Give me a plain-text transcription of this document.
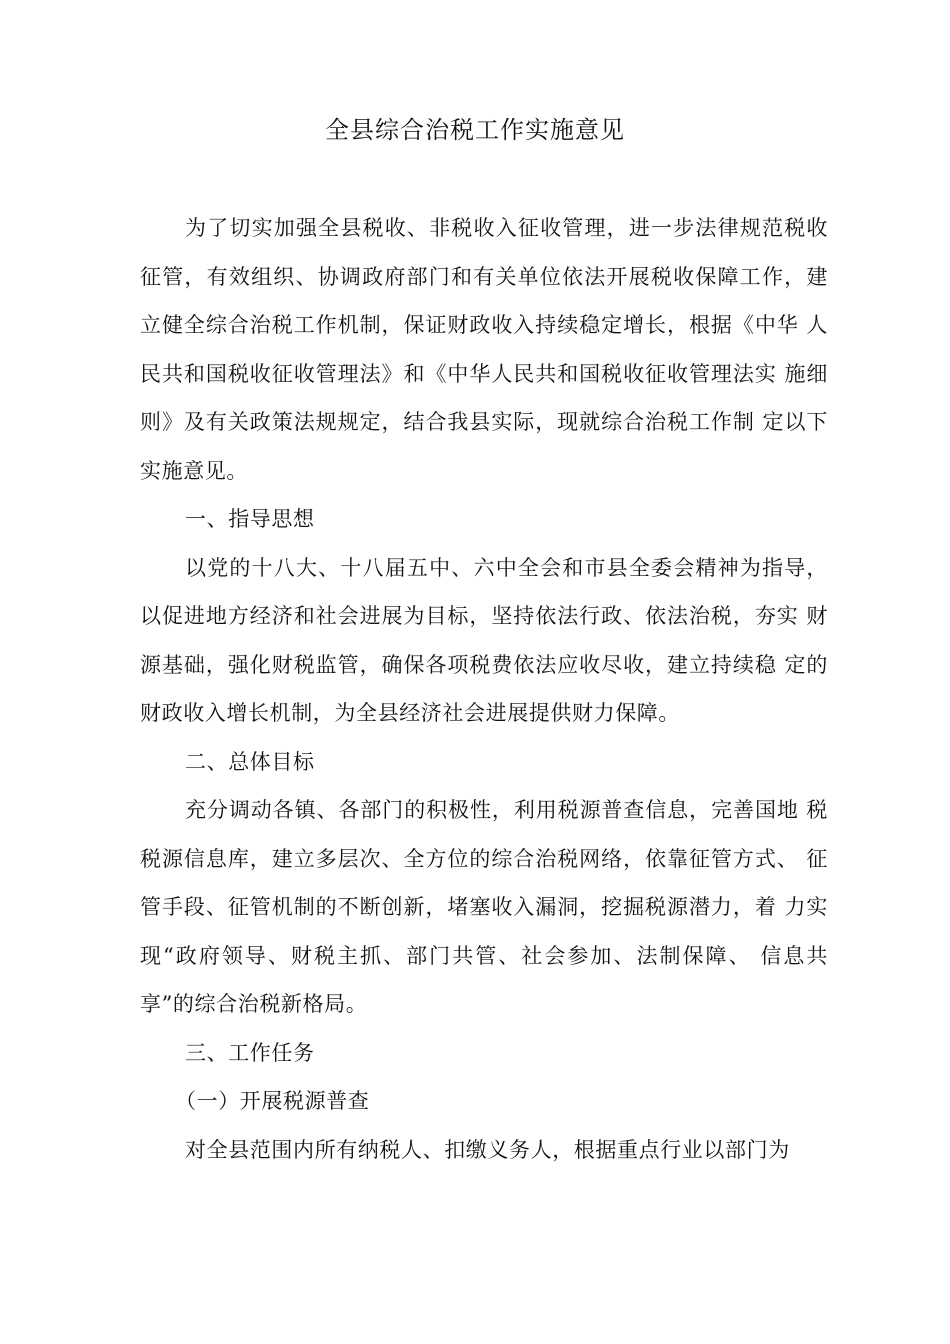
全县综合治税工作实施意见

为了切实加强全县税收、非税收入征收管理，进一步法律规范税收征管，有效组织、协调政府部门和有关单位依法开展税收保障工作，建 立健全综合治税工作机制，保证财政收入持续稳定增长，根据《中华 人民共和国税收征收管理法》和《中华人民共和国税收征收管理法实 施细则》及有关政策法规规定，结合我县实际，现就综合治税工作制 定以下实施意见。

一、指导思想

以党的十八大、十八届五中、六中全会和市县全委会精神为指导，以促进地方经济和社会进展为目标，坚持依法行政、依法治税，夯实 财源基础，强化财税监管，确保各项税费依法应收尽收，建立持续稳 定的财政收入增长机制，为全县经济社会进展提供财力保障。

二、总体目标

充分调动各镇、各部门的积极性，利用税源普查信息，完善国地 税税源信息库，建立多层次、全方位的综合治税网络，依靠征管方式、 征管手段、征管机制的不断创新，堵塞收入漏洞，挖掘税源潜力，着 力实现“政府领导、财税主抓、部门共管、社会参加、法制保障、 信息共享”的综合治税新格局。

三、工作任务

（一）开展税源普查

对全县范围内所有纳税人、扣缴义务人，根据重点行业以部门为
